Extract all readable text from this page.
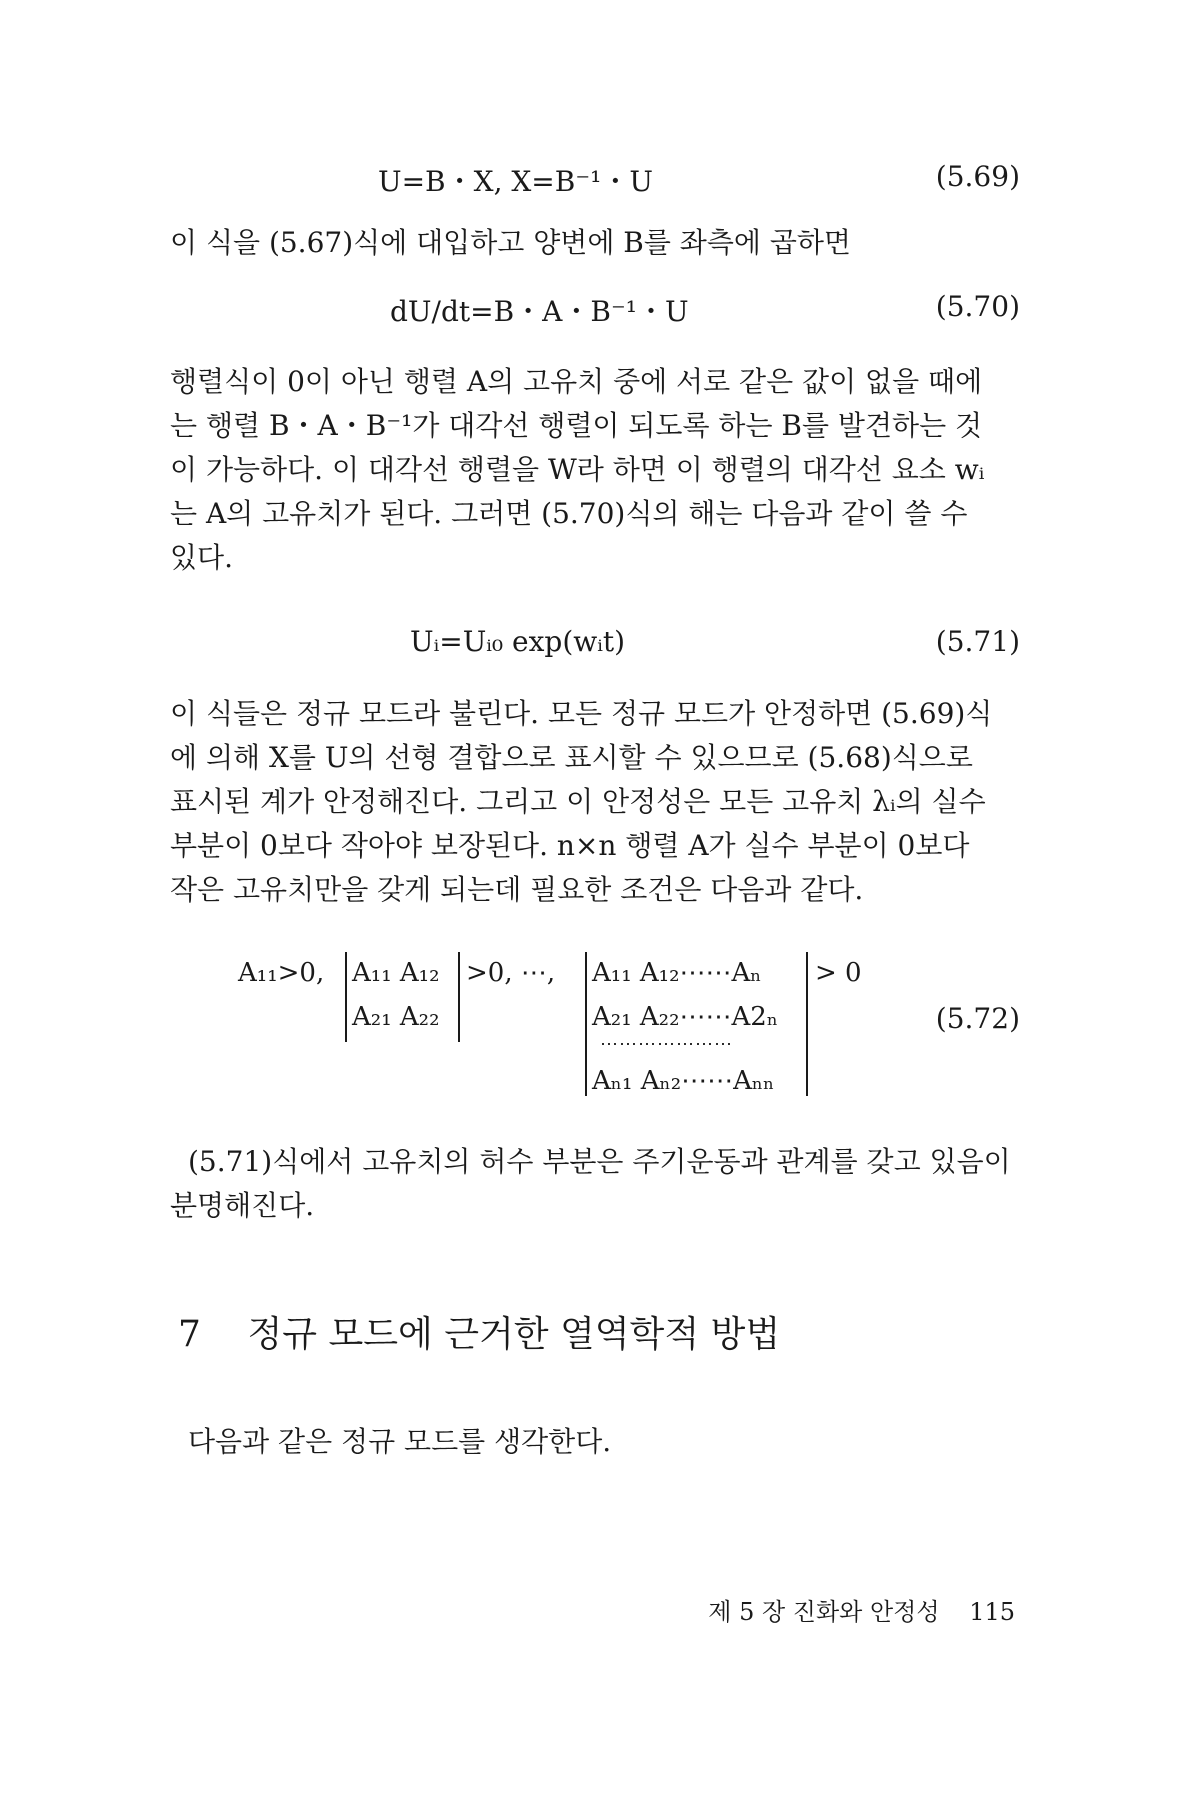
U=B・X, X=B⁻¹・U	(5.69)

이 식을 (5.67)식에 대입하고 양변에 B를 좌측에 곱하면

dU/dt=B・A・B⁻¹・U	(5.70)

행렬식이 0이 아닌 행렬 A의 고유치 중에 서로 같은 값이 없을 때에

는 행렬 B・A・B⁻¹가 대각선 행렬이 되도록 하는 B를 발견하는 것

이 가능하다. 이 대각선 행렬을 W라 하면 이 행렬의 대각선 요소 wᵢ

는 A의 고유치가 된다. 그러면 (5.70)식의 해는 다음과 같이 쓸 수

있다.

Uᵢ=Uᵢ₀ exp(wᵢt)	(5.71)

이 식들은 정규 모드라 불린다. 모든 정규 모드가 안정하면 (5.69)식

에 의해 X를 U의 선형 결합으로 표시할 수 있으므로 (5.68)식으로

표시된 계가 안정해진다. 그리고 이 안정성은 모든 고유치 λᵢ의 실수

부분이 0보다 작아야 보장된다. n×n 행렬 A가 실수 부분이 0보다

작은 고유치만을 갖게 되는데 필요한 조건은 다음과 같다.

A₁₁>0, A₁₁ A₁₂
A₂₁ A₂₂
>0, ⋯, A₁₁ A₁₂⋯⋯Aₙ
A₂₁ A₂₂⋯⋯A2ₙ
⋯⋯⋯⋯⋯⋯⋯
Aₙ₁ Aₙ₂⋯⋯Aₙₙ
> 0
(5.72)

(5.71)식에서 고유치의 허수 부분은 주기운동과 관계를 갖고 있음이

분명해진다.

7 정규 모드에 근거한 열역학적 방법

다음과 같은 정규 모드를 생각한다.

제 5 장 진화와 안정성 115
